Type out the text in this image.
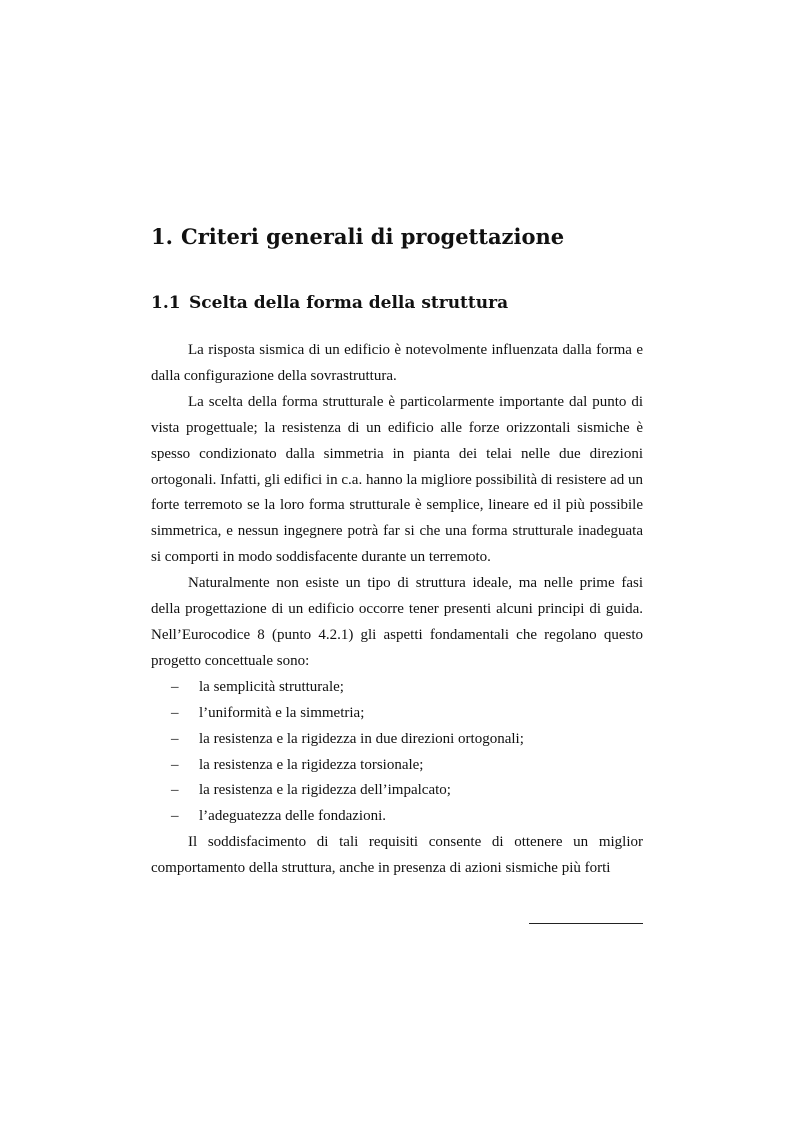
1. Criteri generali di progettazione
1.1 Scelta della forma della struttura

La risposta sismica di un edificio è notevolmente influenzata dalla forma e dalla configurazione della sovrastruttura.

La scelta della forma strutturale è particolarmente importante dal punto di vista progettuale; la resistenza di un edificio alle forze orizzontali sismiche è spesso condizionato dalla simmetria in pianta dei telai nelle due direzioni ortogonali. Infatti, gli edifici in c.a. hanno la migliore possibilità di resistere ad un forte terremoto se la loro forma strutturale è semplice, lineare ed il più possibile simmetrica, e nessun ingegnere potrà far si che una forma strutturale inadeguata si comporti in modo soddisfacente durante un terremoto.

Naturalmente non esiste un tipo di struttura ideale, ma nelle prime fasi della progettazione di un edificio occorre tener presenti alcuni principi di guida. Nell’Eurocodice 8 (punto 4.2.1) gli aspetti fondamentali che regolano questo progetto concettuale sono:

– la semplicità strutturale;
– l’uniformità e la simmetria;
– la resistenza e la rigidezza in due direzioni ortogonali;
– la resistenza e la rigidezza torsionale;
– la resistenza e la rigidezza dell’impalcato;
– l’adeguatezza delle fondazioni.

Il soddisfacimento di tali requisiti consente di ottenere un miglior comportamento della struttura, anche in presenza di azioni sismiche più forti
